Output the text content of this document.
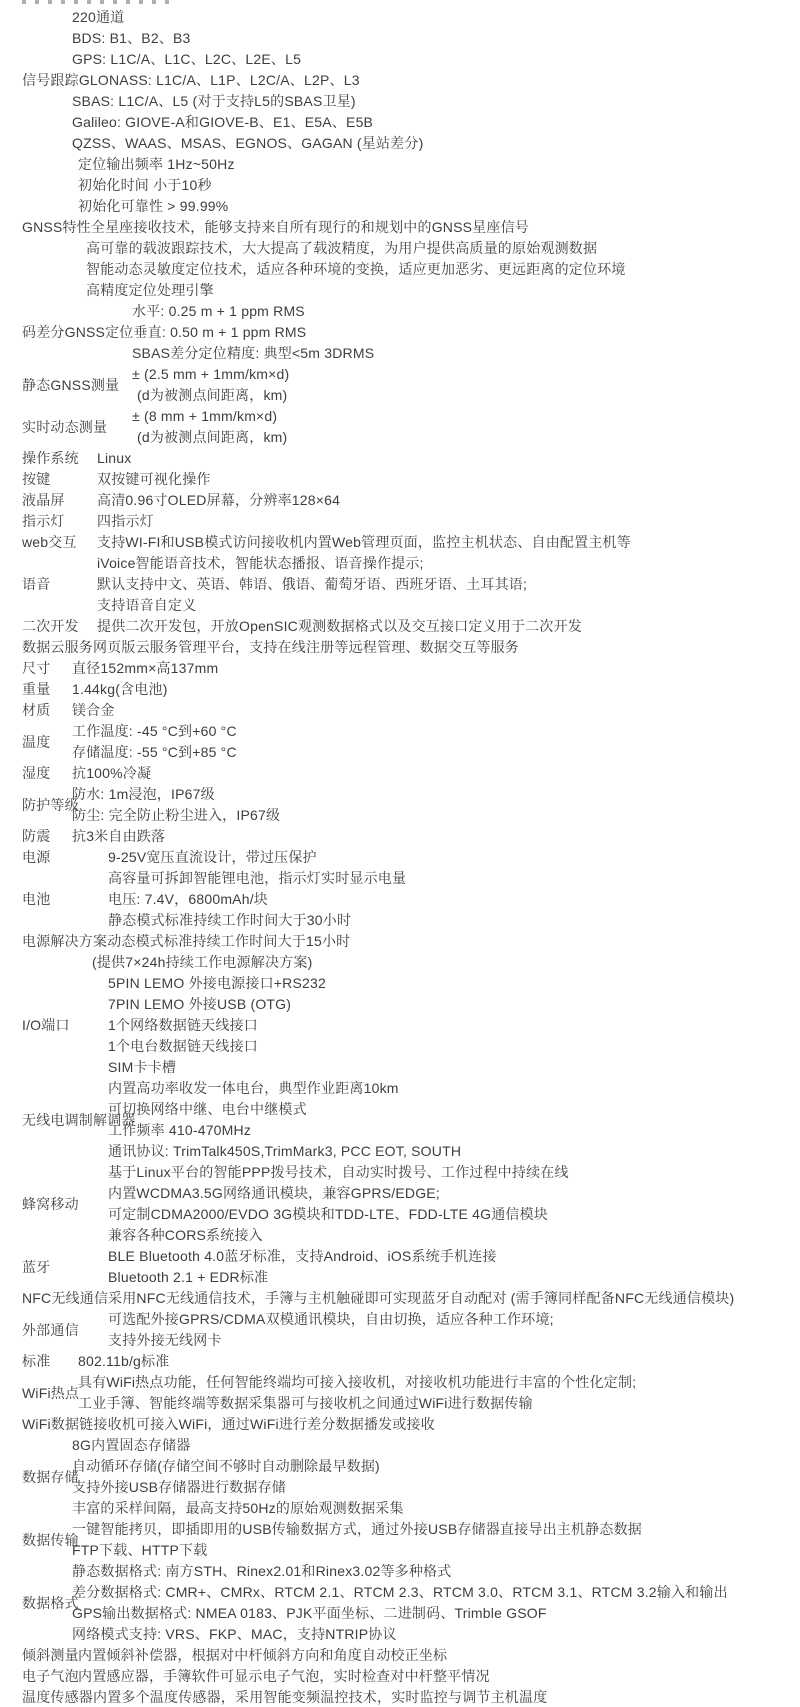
220通道
BDS: B1、B2、B3
GPS: L1C/A、L1C、L2C、L2E、L5
信号跟踪GLONASS: L1C/A、L1P、L2C/A、L2P、L3
SBAS: L1C/A、L5 (对于支持L5的SBAS卫星)
Galileo: GIOVE-A和GIOVE-B、E1、E5A、E5B
QZSS、WAAS、MSAS、EGNOS、GAGAN (星站差分)
定位输出频率 1Hz~50Hz
初始化时间 小于10秒
初始化可靠性 > 99.99%
GNSS特性全星座接收技术，能够支持来自所有现行的和规划中的GNSS星座信号
高可靠的载波跟踪技术，大大提高了载波精度，为用户提供高质量的原始观测数据
智能动态灵敏度定位技术，适应各种环境的变换，适应更加恶劣、更远距离的定位环境
高精度定位处理引擎
水平: 0.25 m + 1 ppm RMS
码差分GNSS定位垂直: 0.50 m + 1 ppm RMS
SBAS差分定位精度: 典型<5m 3DRMS
± (2.5 mm + 1mm/km×d)
(d为被测点间距离，km)
静态GNSS测量
± (8 mm + 1mm/km×d)
(d为被测点间距离，km)
实时动态测量
Linux
操作系统
双按键可视化操作
按键
高清0.96寸OLED屏幕，分辨率128×64
液晶屏
四指示灯
指示灯
支持WI-FI和USB模式访问接收机内置Web管理页面，监控主机状态、自由配置主机等
iVoice智能语音技术，智能状态播报、语音操作提示;
web交互
默认支持中文、英语、韩语、俄语、葡萄牙语、西班牙语、土耳其语;
支持语音自定义
语音
提供二次开发包，开放OpenSIC观测数据格式以及交互接口定义用于二次开发
二次开发
数据云服务网页版云服务管理平台，支持在线注册等远程管理、数据交互等服务
直径152mm×高137mm
尺寸
1.44kg(含电池)
重量
镁合金
材质
工作温度: -45 °C到+60 °C
存储温度: -55 °C到+85 °C
温度
抗100%冷凝
湿度
防水: 1m浸泡，IP67级
防尘: 完全防止粉尘进入，IP67级
防护等级
抗3米自由跌落
防震
9-25V宽压直流设计，带过压保护
电源
高容量可拆卸智能锂电池，指示灯实时显示电量
电压: 7.4V，6800mAh/块
静态模式标准持续工作时间大于30小时
电池
电源解决方案动态模式标准持续工作时间大于15小时
(提供7×24h持续工作电源解决方案)
5PIN LEMO 外接电源接口+RS232
7PIN LEMO 外接USB (OTG)
1个网络数据链天线接口
1个电台数据链天线接口
SIM卡卡槽
内置高功率收发一体电台，典型作业距离10km
I/O端口
可切换网络中继、电台中继模式
工作频率 410-470MHz
通讯协议: TrimTalk450S,TrimMark3, PCC EOT, SOUTH
基于Linux平台的智能PPP拨号技术，自动实时拨号、工作过程中持续在线
无线电调制解调器
内置WCDMA3.5G网络通讯模块，兼容GPRS/EDGE;
可定制CDMA2000/EVDO 3G模块和TDD-LTE、FDD-LTE 4G通信模块
兼容各种CORS系统接入
蜂窝移动
BLE Bluetooth 4.0蓝牙标准，支持Android、iOS系统手机连接
Bluetooth 2.1 + EDR标准
蓝牙
采用NFC无线通信技术，手簿与主机触碰即可实现蓝牙自动配对 (需手簿同样配备NFC无线通信模块)
NFC无线通信
可选配外接GPRS/CDMA双模通讯模块，自由切换，适应各种工作环境;
支持外接无线网卡
外部通信
802.11b/g标准
标准
具有WiFi热点功能，任何智能终端均可接入接收机，对接收机功能进行丰富的个性化定制;
工业手簿、智能终端等数据采集器可与接收机之间通过WiFi进行数据传输
WiFi热点
WiFi数据链接收机可接入WiFi，通过WiFi进行差分数据播发或接收
8G内置固态存储器
自动循环存储(存储空间不够时自动删除最早数据)
支持外接USB存储器进行数据存储
丰富的采样间隔，最高支持50Hz的原始观测数据采集
数据存储
一键智能拷贝，即插即用的USB传输数据方式，通过外接USB存储器直接导出主机静态数据
FTP下载、HTTP下载
数据传输
静态数据格式: 南方STH、Rinex2.01和Rinex3.02等多种格式
差分数据格式: CMR+、CMRx、RTCM 2.1、RTCM 2.3、RTCM 3.0、RTCM 3.1、RTCM 3.2输入和输出
GPS输出数据格式: NMEA 0183、PJK平面坐标、二进制码、Trimble GSOF
网络模式支持: VRS、FKP、MAC，支持NTRIP协议
数据格式
内置倾斜补偿器，根据对中杆倾斜方向和角度自动校正坐标
倾斜测量
内置感应器，手簿软件可显示电子气泡，实时检查对中杆整平情况
电子气泡
温度传感器内置多个温度传感器，采用智能变频温控技术，实时监控与调节主机温度
